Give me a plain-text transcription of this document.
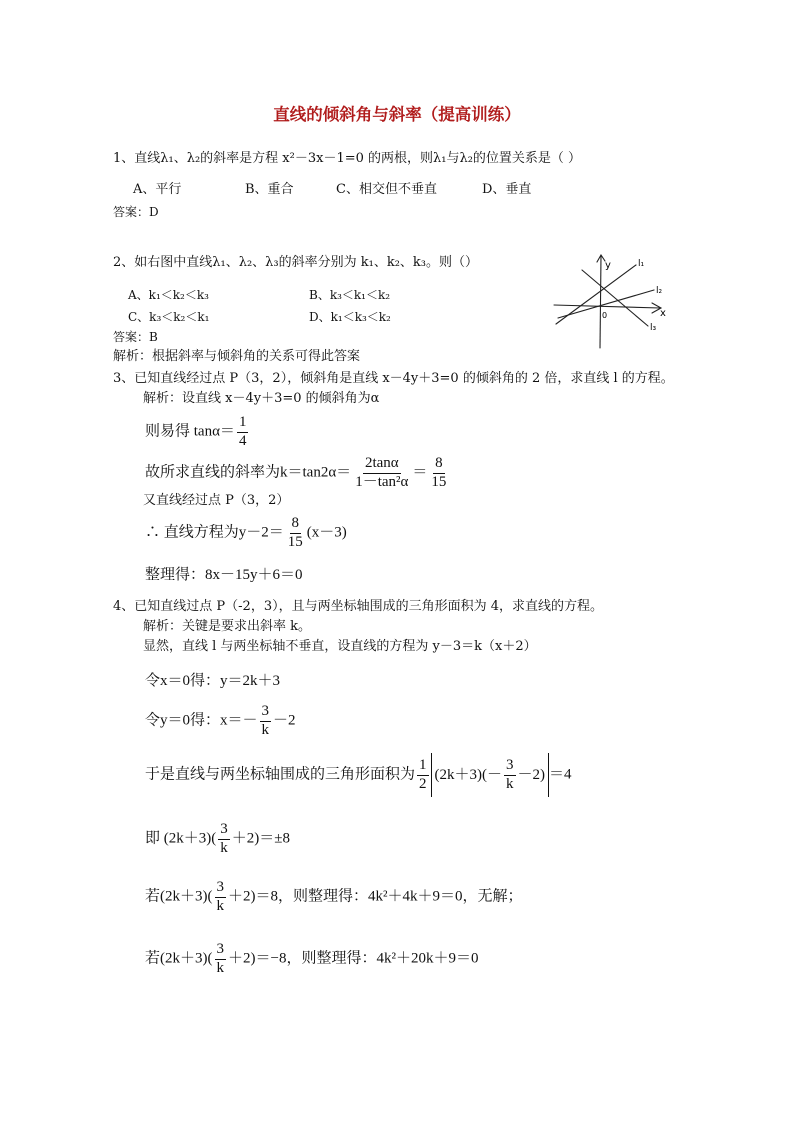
直线的倾斜角与斜率（提高训练）
1、直线λ₁、λ₂的斜率是方程 x²－3x－1=0 的两根，则λ₁与λ₂的位置关系是（ ）
A、平行	B、重合	C、相交但不垂直	D、垂直
答案：D
2、如右图中直线λ₁、λ₂、λ₃的斜率分别为 k₁、k₂、k₃。则（）
A、k₁＜k₂＜k₃	B、k₃＜k₁＜k₂
C、k₃＜k₂＜k₁	D、k₁＜k₃＜k₂
答案：B
解析：根据斜率与倾斜角的关系可得此答案
y
x
0
l₁
l₂
l₃
3、已知直线经过点 P（3，2），倾斜角是直线 x－4y＋3=0 的倾斜角的 2 倍，求直线 l 的方程。
解析：设直线 x－4y＋3=0 的倾斜角为α
则易得 $\tan\alpha= \frac{1}{4}$
故所求直线的斜率为$k=\tan 2\alpha= \frac{2\tan\alpha}{\text{1－tan²α}} = \frac{8}{15}$
又直线经过点 P（3，2）
∴ 直线方程为$y-2= \frac{8}{15} (x-3)$
整理得：8x－15y＋6＝0
4、已知直线过点 P（-2，3），且与两坐标轴围成的三角形面积为 4，求直线的方程。
解析：关键是要求出斜率 k。
显然，直线 l 与两坐标轴不垂直，设直线的方程为 y－3＝k（x＋2）
令x＝0得：y＝2k＋3
令y＝0得：$x=- \frac{3}{k} -2$
于是直线与两坐标轴围成的三角形面积为 $\frac{1}{2} (2k+3)(- \frac{3}{k} -2) =4$
即 $(2k+3)( \frac{3}{k} +2)=\pm 8$
若$(2k+3)( \frac{3}{k} +2)=8$，则整理得：4k²＋4k＋9＝0，无解；
若$(2k+3)( \frac{3}{k} +2)=-8$，则整理得：4k²＋20k＋9＝0
